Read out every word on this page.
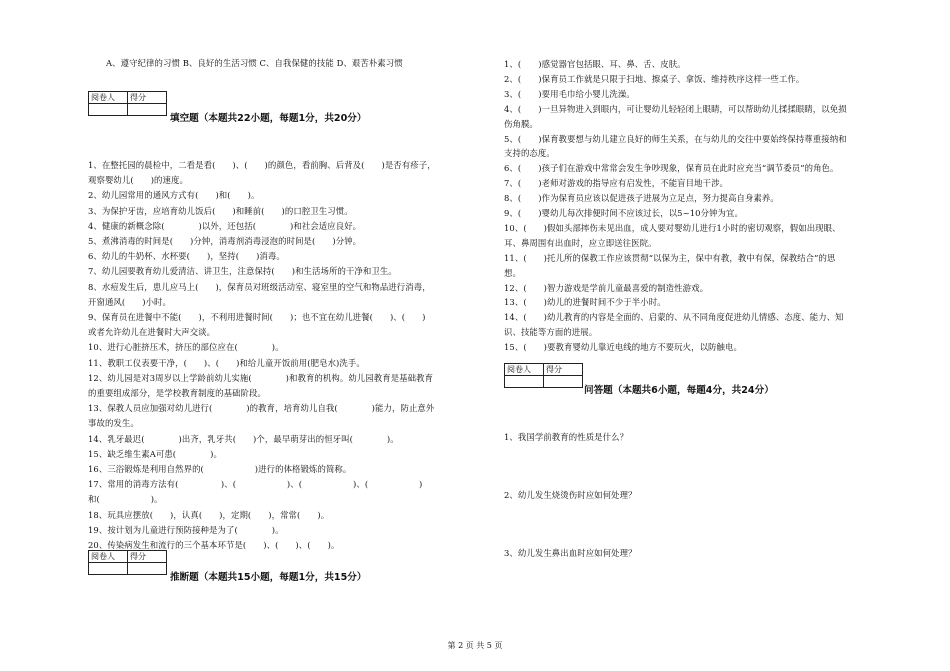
A、遵守纪律的习惯 B、良好的生活习惯 C、自我保健的技能 D、艰苦朴素习惯
阅卷人	得分

填空题（本题共22小题，每题1分，共20分）
1、在整托园的晨检中，二看是看(　　)、(　　)的颜色，看前胸、后背及(　　)是否有疹子，
观察婴幼儿(　　)的速度。
2、幼儿园常用的通风方式有(　　)和(　　)。
3、为保护牙齿，应培育幼儿饭后(　　)和睡前(　　)的口腔卫生习惯。
4、健康的新概念除(　　　　)以外，还包括(　　　　)和社会适应良好。
5、煮沸消毒的时间是(　　)分钟，消毒剂消毒浸泡的时间是(　　)分钟。
6、幼儿的牛奶杯、水杯要(　　)，坚持(　　)消毒。
7、幼儿园要教育幼儿爱清洁、讲卫生，注意保持(　　)和生活场所的干净和卫生。
8、水痘发生后，患儿应马上(　　)，保育员对班级活动室、寝室里的空气和物品进行消毒，
开窗通风(　　)小时。
9、保育员在进餐中不能(　　)，不利用进餐时间(　　)；也不宜在幼儿进餐(　　)、(　　)
或者允许幼儿在进餐时大声交谈。
10、进行心脏挤压术，挤压的部位应在(　　　　)。
11、教职工仪表要干净，(　　)、(　　)和给儿童开饭前用(肥皂水)洗手。
12、幼儿园是对3周岁以上学龄前幼儿实施(　　　　)和教育的机构。幼儿园教育是基础教育
的重要组成部分，是学校教育制度的基础阶段。
13、保教人员应加强对幼儿进行(　　　　)的教育，培育幼儿自我(　　　　)能力，防止意外
事故的发生。
14、乳牙最迟(　　　　)出齐，乳牙共(　　)个，最早萌芽出的恒牙叫(　　　　)。
15、缺乏维生素A可患(　　　　)。
16、三浴锻炼是利用自然界的(　　　　　　)进行的体格锻炼的简称。
17、常用的消毒方法有(　　　　　)、(　　　　　　)、(　　　　　　)、(　　　　　　)
和(　　　　　　)。
18、玩具应摆放(　　)，认真(　　)，定期(　　)，常常(　　)。
19、按计划为儿童进行预防接种是为了(　　　　)。
20、传染病发生和流行的三个基本环节是(　　)、(　　)、(　　)。
阅卷人	得分

推断题（本题共15小题，每题1分，共15分）
1、(　　)感觉器官包括眼、耳、鼻、舌、皮肤。
2、(　　)保育员工作就是只限于扫地、擦桌子、拿饭、维持秩序这样一些工作。
3、(　　)要用毛巾给小婴儿洗澡。
4、(　　)一旦异物进入到眼内，可让婴幼儿轻轻闭上眼睛，可以帮助幼儿揉揉眼睛，以免损
伤角膜。
5、(　　)保育教要想与幼儿建立良好的师生关系，在与幼儿的交往中要始终保持尊重接纳和
支持的态度。
6、(　　)孩子们在游戏中常常会发生争吵现象，保育员在此时应充当“调节委员”的角色。
7、(　　)老师对游戏的指导应有启发性，不能盲目地干涉。
8、(　　)作为保育员应该以促进孩子进展为立足点，努力提高自身素养。
9、(　　)婴幼儿每次排便时间不应该过长，以5~10分钟为宜。
10、(　　)假如头部摔伤未见出血，成人要对婴幼儿进行1小时的密切观察，假如出现眼、
耳、鼻周围有出血时，应立即送往医院。
11、(　　)托儿所的保教工作应该贯彻“以保为主，保中有教，教中有保，保教结合”的思
想。
12、(　　)智力游戏是学前儿童最喜爱的制造性游戏。
13、(　　)幼儿的进餐时间不少于半小时。
14、(　　)幼儿教育的内容是全面的、启蒙的、从不同角度促进幼儿情感、态度、能力、知
识、技能等方面的进展。
15、(　　)要教育婴幼儿靠近电线的地方不要玩火，以防触电。
阅卷人	得分

问答题（本题共6小题，每题4分，共24分）
1、我国学前教育的性质是什么？
2、幼儿发生烧烫伤时应如何处理？
3、幼儿发生鼻出血时应如何处理？
第 2 页 共 5 页
